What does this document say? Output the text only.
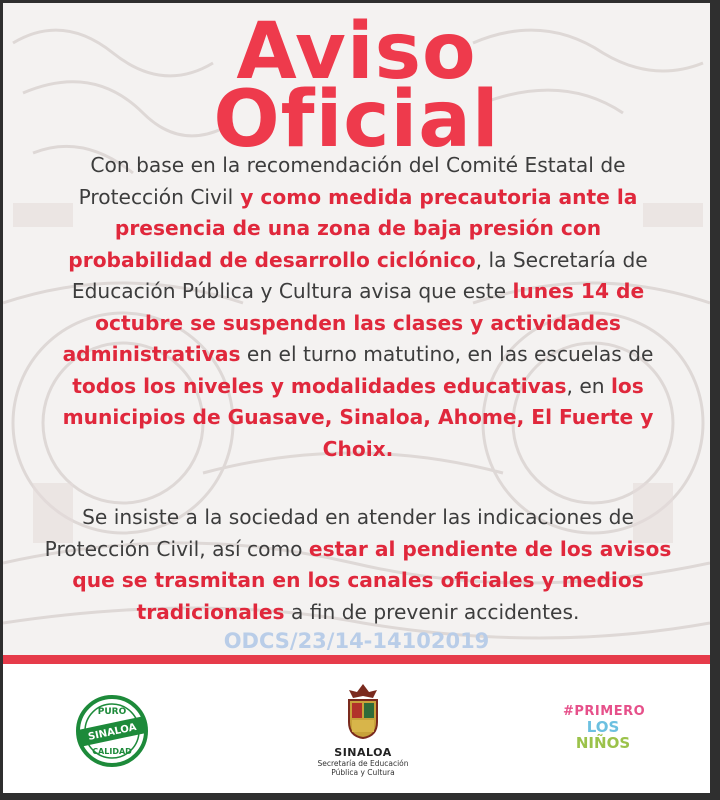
Aviso
Oficial
Con base en la recomendación del Comité Estatal de Protección Civil y como medida precautoria ante la presencia de una zona de baja presión con probabilidad de desarrollo ciclónico, la Secretaría de Educación Pública y Cultura avisa que este lunes 14 de octubre se suspenden las clases y actividades administrativas en el turno matutino, en las escuelas de todos los niveles y modalidades educativas, en los municipios de Guasave, Sinaloa, Ahome, El Fuerte y Choix.
Se insiste a la sociedad en atender las indicaciones de Protección Civil, así como estar al pendiente de los avisos que se trasmitan en los canales oficiales y medios tradicionales a fin de prevenir accidentes.
ODCS/23/14-14102019
PURO
SINALOA
CALIDAD	SINALOA
Secretaría de Educación
Pública y Cultura
#PRIMERO
LOS
NIÑOS
